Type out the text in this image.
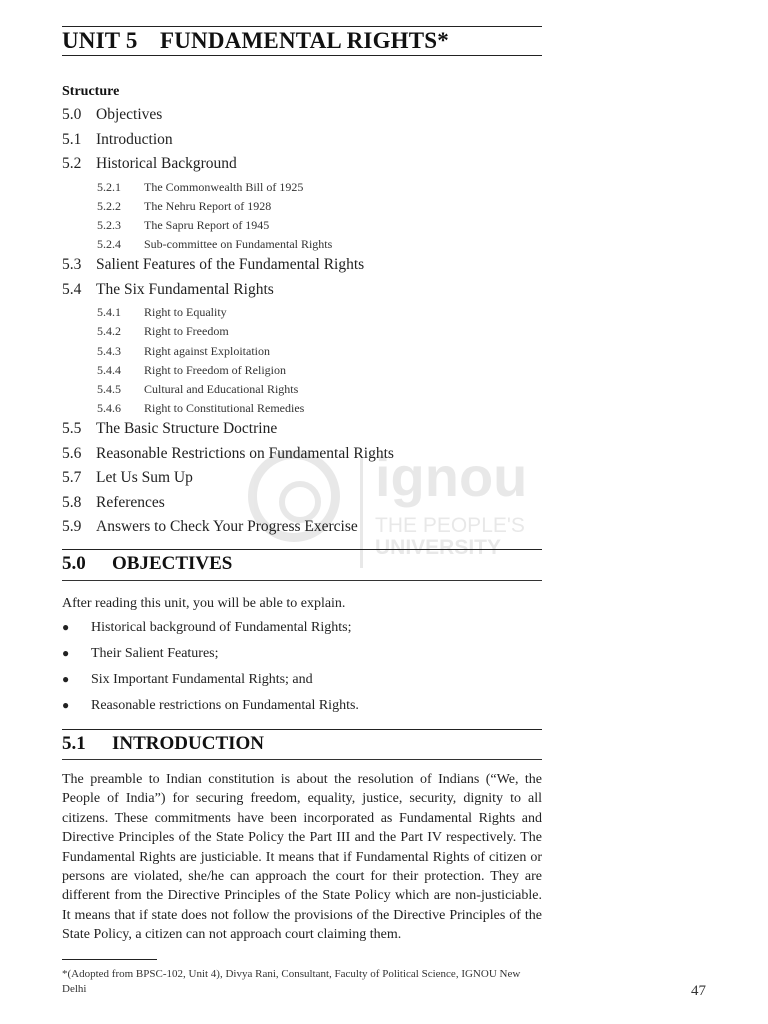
ignou
THE PEOPLE'S
UNIVERSITY
UNIT 5 FUNDAMENTAL RIGHTS*
Structure
5.0 Objectives
5.1 Introduction
5.2 Historical Background
5.2.1	The Commonwealth Bill of 1925
5.2.2	The Nehru Report of 1928
5.2.3	The Sapru Report of 1945
5.2.4	Sub-committee on Fundamental Rights
5.3 Salient Features of the Fundamental Rights
5.4 The Six Fundamental Rights
5.4.1	Right to Equality
5.4.2	Right to Freedom
5.4.3	Right against Exploitation
5.4.4	Right to Freedom of Religion
5.4.5	Cultural and Educational Rights
5.4.6	Right to Constitutional Remedies
5.5 The Basic Structure Doctrine
5.6 Reasonable Restrictions on Fundamental Rights
5.7 Let Us Sum Up
5.8 References
5.9 Answers to Check Your Progress Exercise
5.0 OBJECTIVES
After reading this unit, you will be able to explain.
●	Historical background of Fundamental Rights;
●	Their Salient Features;
●	Six Important Fundamental Rights; and
●	Reasonable restrictions on Fundamental Rights.
5.1 INTRODUCTION
The preamble to Indian constitution is about the resolution of Indians (“We, the People of India”) for securing freedom, equality, justice, security, dignity to all citizens. These commitments have been incorporated as Fundamental Rights and Directive Principles of the State Policy the Part III and the Part IV respectively. The Fundamental Rights are justiciable. It means that if Fundamental Rights of citizen or persons are violated, she/he can approach the court for their protection. They are different from the Directive Principles of the State Policy which are non-justiciable. It means that if state does not follow the provisions of the Directive Principles of the State Policy, a citizen can not approach court claiming them.
*(Adopted from BPSC-102, Unit 4), Divya Rani, Consultant, Faculty of Political Science, IGNOU New Delhi	47
